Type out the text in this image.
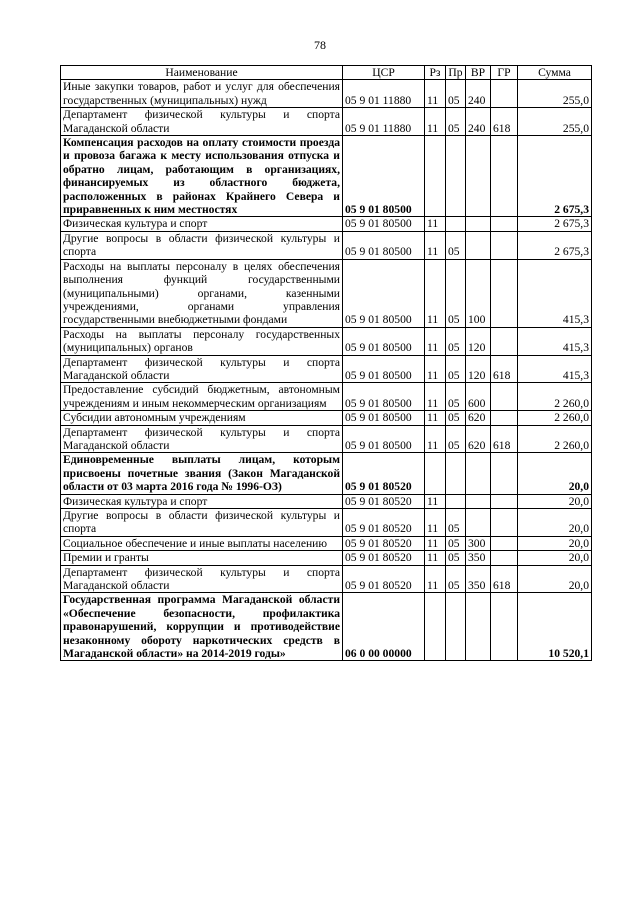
78
Наименование	ЦСР	Рз	Пр	ВР	ГР	Сумма
Иные закупки товаров, работ и услуг для обеспечения государственных (муниципальных) нужд	05 9 01 11880	11	05	240		255,0
Департамент физической культуры и спорта Магаданской области	05 9 01 11880	11	05	240	618	255,0
Компенсация расходов на оплату стоимости проезда и провоза багажа к месту использования отпуска и обратно лицам, работающим в организациях, финансируемых из областного бюджета, расположенных в районах Крайнего Севера и приравненных к ним местностях	05 9 01 80500					2 675,3
Физическая культура и спорт	05 9 01 80500	11				2 675,3
Другие вопросы в области физической культуры и спорта	05 9 01 80500	11	05			2 675,3
Расходы на выплаты персоналу в целях обеспечения выполнения функций государственными (муниципальными) органами, казенными учреждениями, органами управления государственными внебюджетными фондами	05 9 01 80500	11	05	100		415,3
Расходы на выплаты персоналу государственных (муниципальных) органов	05 9 01 80500	11	05	120		415,3
Департамент физической культуры и спорта Магаданской области	05 9 01 80500	11	05	120	618	415,3
Предоставление субсидий бюджетным, автономным учреждениям и иным некоммерческим организациям	05 9 01 80500	11	05	600		2 260,0
Субсидии автономным учреждениям	05 9 01 80500	11	05	620		2 260,0
Департамент физической культуры и спорта Магаданской области	05 9 01 80500	11	05	620	618	2 260,0
Единовременные выплаты лицам, которым присвоены почетные звания (Закон Магаданской области от 03 марта 2016 года № 1996-ОЗ)	05 9 01 80520					20,0
Физическая культура и спорт	05 9 01 80520	11				20,0
Другие вопросы в области физической культуры и спорта	05 9 01 80520	11	05			20,0
Социальное обеспечение и иные выплаты населению	05 9 01 80520	11	05	300		20,0
Премии и гранты	05 9 01 80520	11	05	350		20,0
Департамент физической культуры и спорта Магаданской области	05 9 01 80520	11	05	350	618	20,0
Государственная программа Магаданской области «Обеспечение безопасности, профилактика правонарушений, коррупции и противодействие незаконному обороту наркотических средств в Магаданской области» на 2014-2019 годы»	06 0 00 00000					10 520,1
